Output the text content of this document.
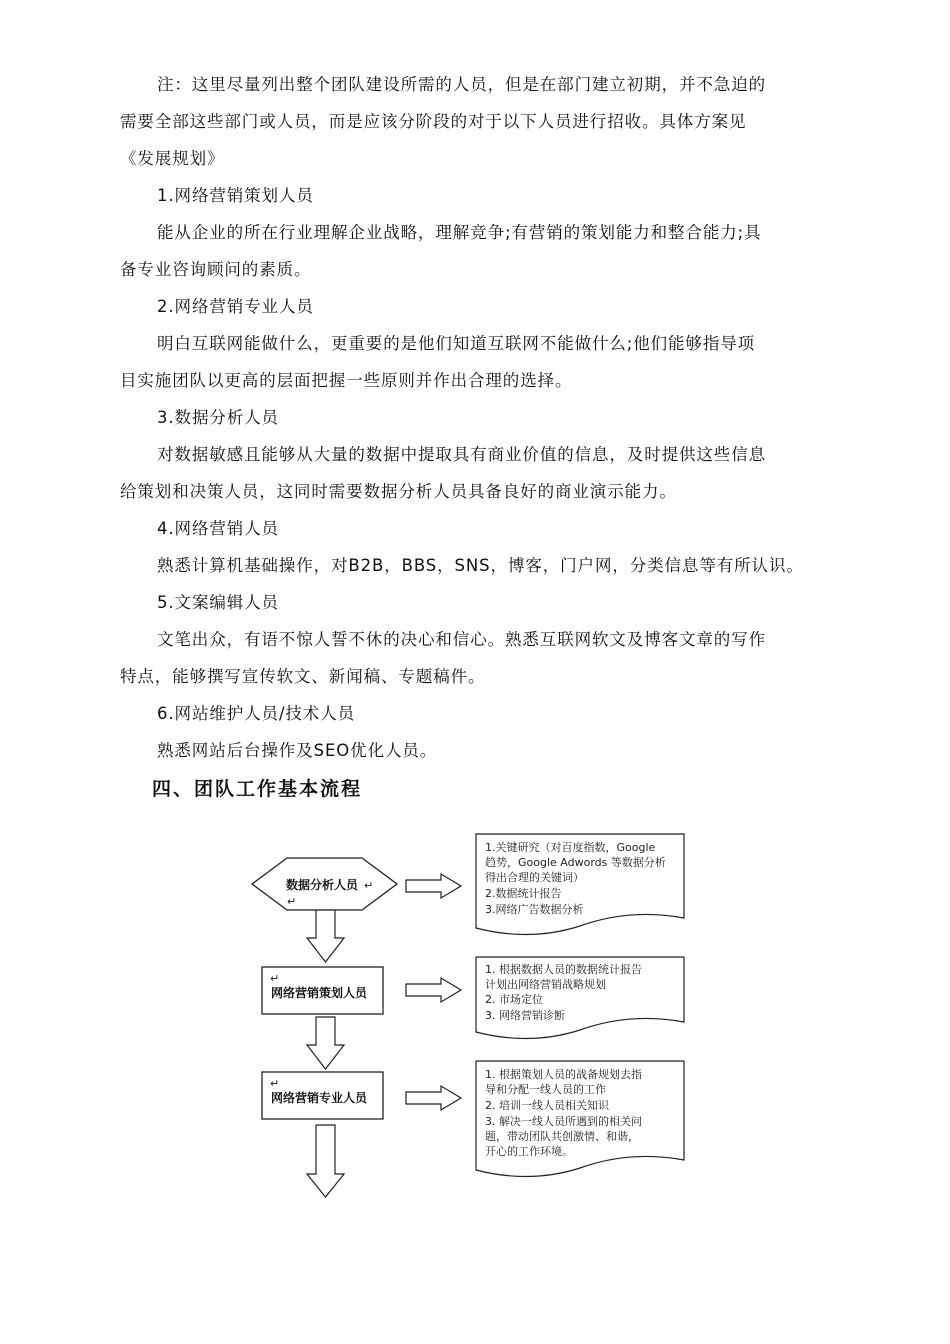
注：这里尽量列出整个团队建设所需的人员，但是在部门建立初期，并不急迫的
需要全部这些部门或人员，而是应该分阶段的对于以下人员进行招收。具体方案见
《发展规划》
1.网络营销策划人员
能从企业的所在行业理解企业战略，理解竞争;有营销的策划能力和整合能力;具
备专业咨询顾问的素质。
2.网络营销专业人员
明白互联网能做什么，更重要的是他们知道互联网不能做什么;他们能够指导项
目实施团队以更高的层面把握一些原则并作出合理的选择。
3.数据分析人员
对数据敏感且能够从大量的数据中提取具有商业价值的信息，及时提供这些信息
给策划和决策人员，这同时需要数据分析人员具备良好的商业演示能力。
4.网络营销人员
熟悉计算机基础操作，对B2B，BBS，SNS，博客，门户网，分类信息等有所认识。
5.文案编辑人员
文笔出众，有语不惊人誓不休的决心和信心。熟悉互联网软文及博客文章的写作
特点，能够撰写宣传软文、新闻稿、专题稿件。
6.网站维护人员/技术人员
熟悉网站后台操作及SEO优化人员。
四、团队工作基本流程
数据分析人员 ↵
↵
↵
网络营销策划人员
↵
网络营销专业人员
1.关键研究（对百度指数，Google
趋势，Google Adwords 等数据分析
得出合理的关键词）
2.数据统计报告
3.网络广告数据分析
1. 根据数据人员的数据统计报告
计划出网络营销战略规划
2. 市场定位
3. 网络营销诊断
1. 根据策划人员的战备规划去指
导和分配一线人员的工作
2. 培训一线人员相关知识
3. 解决一线人员所遇到的相关问
题，带动团队共创激情、和谐，
开心的工作环境。
